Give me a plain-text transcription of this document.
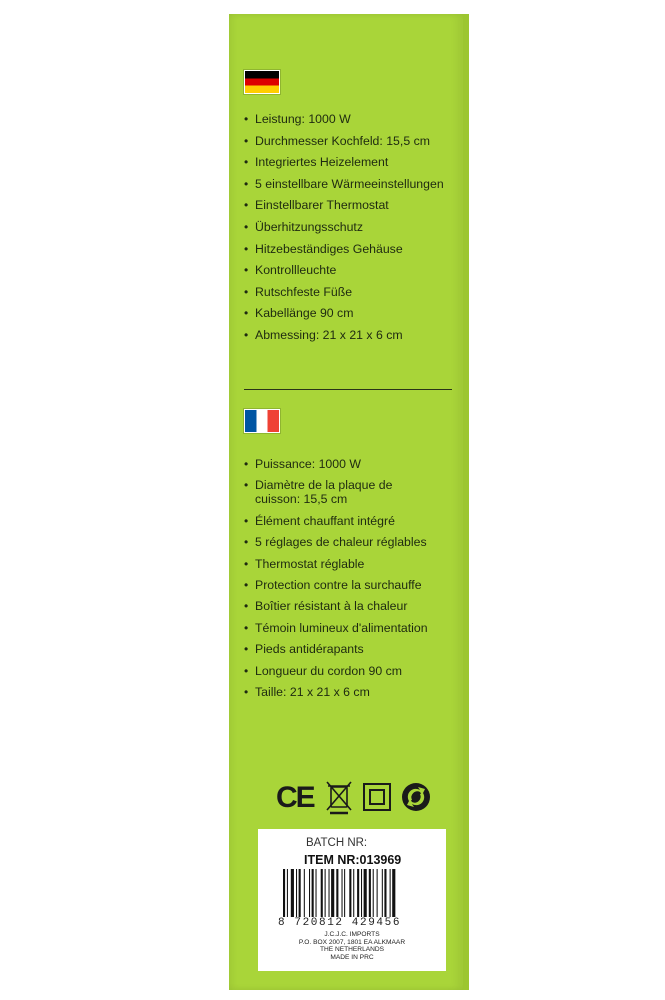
• Leistung: 1000 W
• Durchmesser Kochfeld: 15,5 cm
• Integriertes Heizelement
• 5 einstellbare Wärmeeinstellungen
• Einstellbarer Thermostat
• Überhitzungsschutz
• Hitzebeständiges Gehäuse
• Kontrollleuchte
• Rutschfeste Füße
• Kabellänge 90 cm
• Abmessing: 21 x 21 x 6 cm
• Puissance: 1000 W
• Diamètre de la plaque de cuisson: 15,5 cm
• Élément chauffant intégré
• 5 réglages de chaleur réglables
• Thermostat réglable
• Protection contre la surchauffe
• Boîtier résistant à la chaleur
• Témoin lumineux d'alimentation
• Pieds antidérapants
• Longueur du cordon 90 cm
• Taille: 21 x 21 x 6 cm
CE
BATCH NR:
ITEM NR:013969
8 720812 429456
J.C.J.C. IMPORTS
P.O. BOX 2007, 1801 EA ALKMAAR
THE NETHERLANDS
MADE IN PRC
